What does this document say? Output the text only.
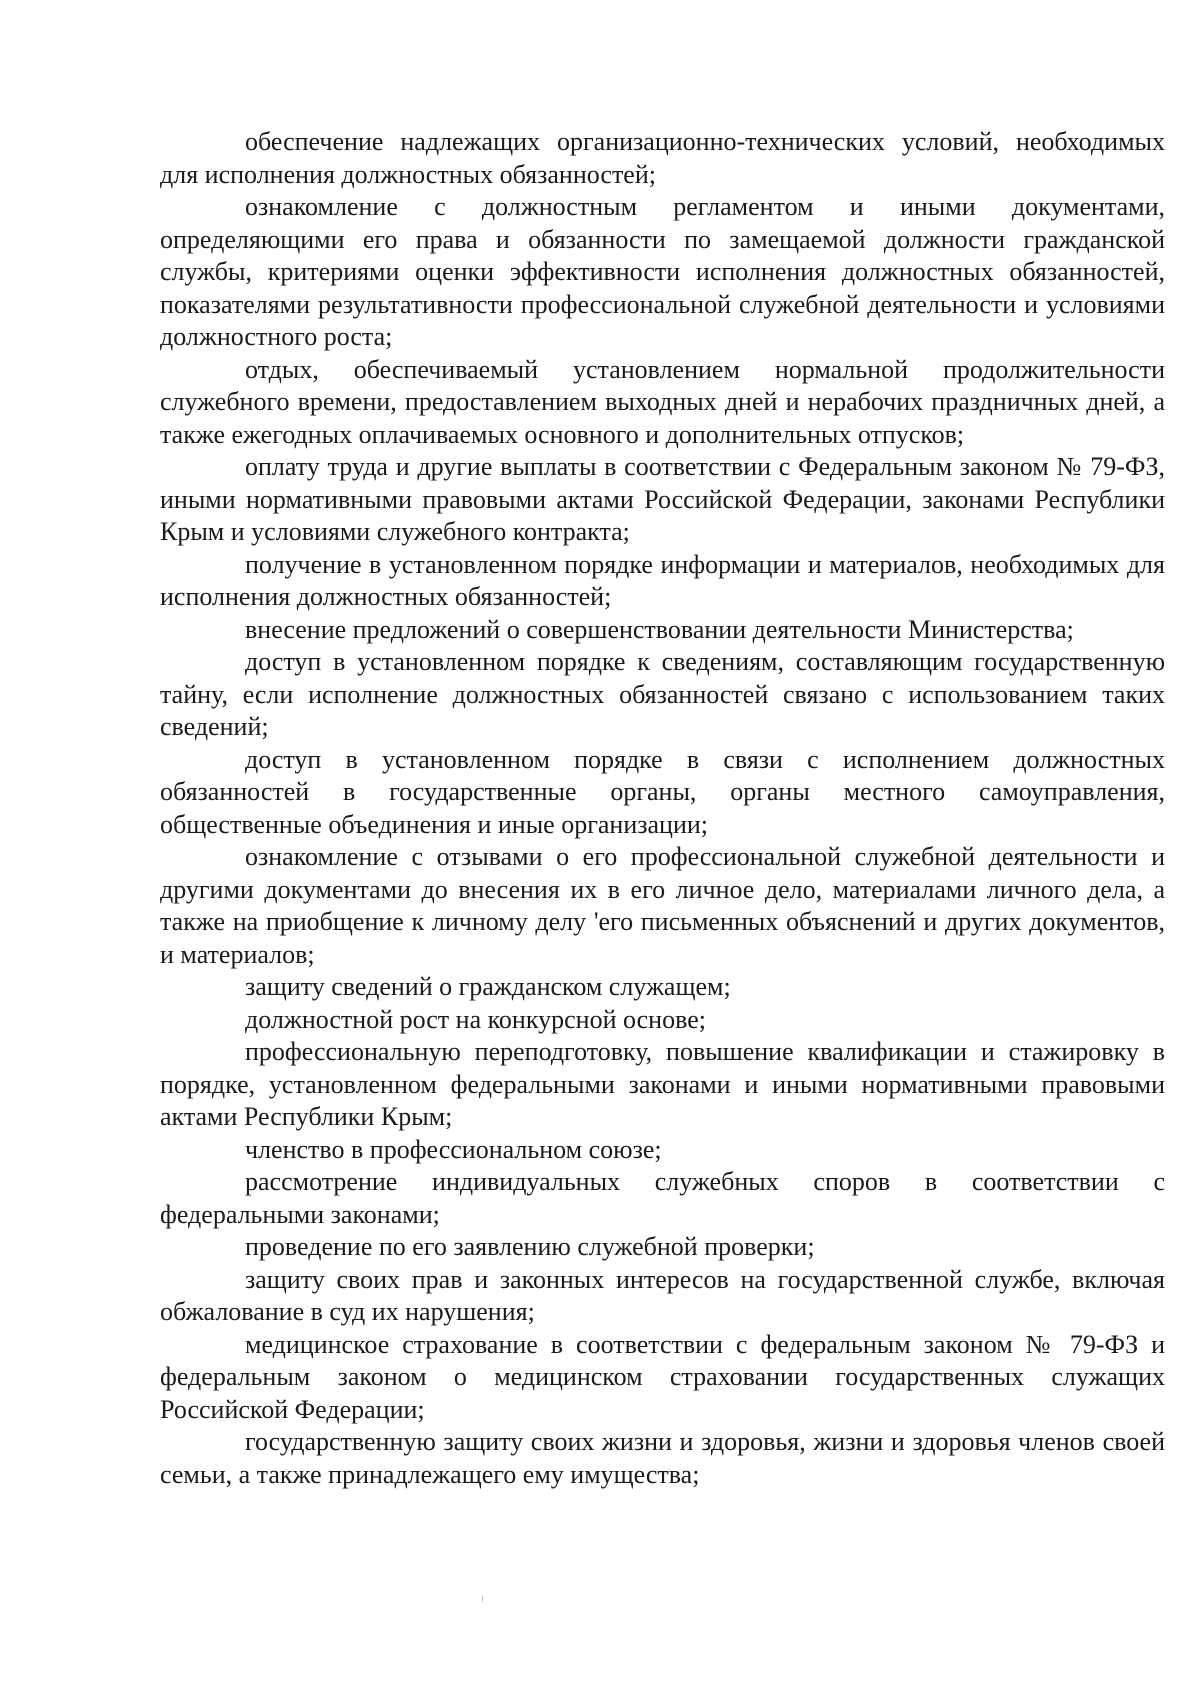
обеспечение надлежащих организационно-технических условий, необходимых для исполнения должностных обязанностей;

ознакомление с должностным регламентом и иными документами, определяющими его права и обязанности по замещаемой должности гражданской службы, критериями оценки эффективности исполнения должностных обязанностей, показателями результативности профессиональной служебной деятельности и условиями должностного роста;

отдых, обеспечиваемый установлением нормальной продолжительности служебного времени, предоставлением выходных дней и нерабочих праздничных дней, а также ежегодных оплачиваемых основного и дополнительных отпусков;

оплату труда и другие выплаты в соответствии с Федеральным законом № 79-ФЗ, иными нормативными правовыми актами Российской Федерации, законами Республики Крым и условиями служебного контракта;

получение в установленном порядке информации и материалов, необходимых для исполнения должностных обязанностей;

внесение предложений о совершенствовании деятельности Министерства;

доступ в установленном порядке к сведениям, составляющим государственную тайну, если исполнение должностных обязанностей связано с использованием таких сведений;

доступ в установленном порядке в связи с исполнением должностных обязанностей в государственные органы, органы местного самоуправления, общественные объединения и иные организации;

ознакомление с отзывами о его профессиональной служебной деятельности и другими документами до внесения их в его личное дело, материалами личного дела, а также на приобщение к личному делу 'его письменных объяснений и других документов, и материалов;

защиту сведений о гражданском служащем;

должностной рост на конкурсной основе;

профессиональную переподготовку, повышение квалификации и стажировку в порядке, установленном федеральными законами и иными нормативными правовыми актами Республики Крым;

членство в профессиональном союзе;

рассмотрение индивидуальных служебных споров в соответствии с федеральными законами;

проведение по его заявлению служебной проверки;

защиту своих прав и законных интересов на государственной службе, включая обжалование в суд их нарушения;

медицинское страхование в соответствии с федеральным законом № 79-ФЗ и федеральным законом о медицинском страховании государственных служащих Российской Федерации;

государственную защиту своих жизни и здоровья, жизни и здоровья членов своей семьи, а также принадлежащего ему имущества;
